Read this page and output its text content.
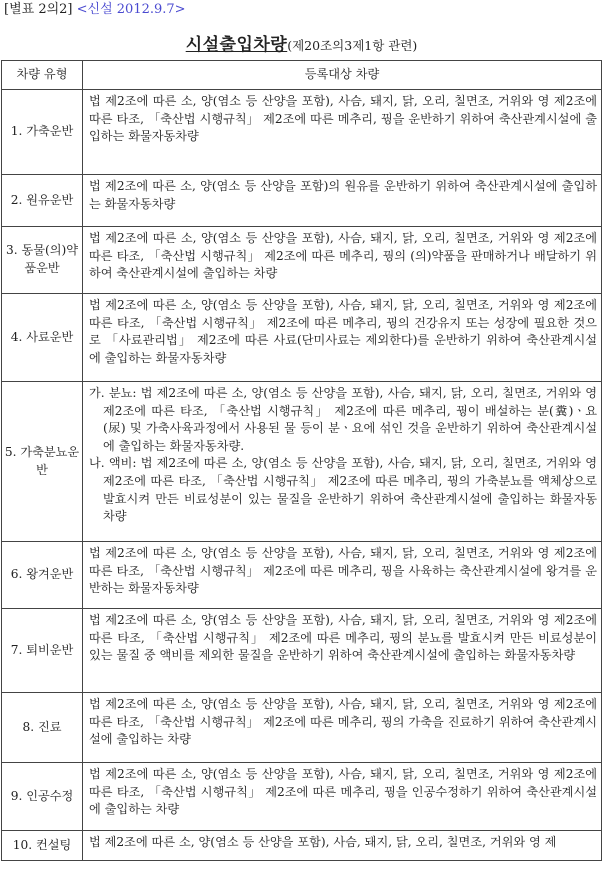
[별표 2의2] <신설 2012.9.7>
시설출입차량(제20조의3제1항 관련)
차량 유형	등록대상 차량
1. 가축운반	법 제2조에 따른 소, 양(염소 등 산양을 포함), 사슴, 돼지, 닭, 오리, 칠면조, 거위와 영 제2조에 따른 타조, 「축산법 시행규칙」 제2조에 따른 메추리, 꿩을 운반하기 위하여 축산관계시설에 출입하는 화물자동차량
2. 원유운반	법 제2조에 따른 소, 양(염소 등 산양을 포함)의 원유를 운반하기 위하여 축산관계시설에 출입하는 화물자동차량
3. 동물(의)약품운반	법 제2조에 따른 소, 양(염소 등 산양을 포함), 사슴, 돼지, 닭, 오리, 칠면조, 거위와 영 제2조에 따른 타조, 「축산법 시행규칙」 제2조에 따른 메추리, 꿩의 (의)약품을 판매하거나 배달하기 위하여 축산관계시설에 출입하는 차량
4. 사료운반	법 제2조에 따른 소, 양(염소 등 산양을 포함), 사슴, 돼지, 닭, 오리, 칠면조, 거위와 영 제2조에 따른 타조, 「축산법 시행규칙」 제2조에 따른 메추리, 꿩의 건강유지 또는 성장에 필요한 것으로 「사료관리법」 제2조에 따른 사료(단미사료는 제외한다)를 운반하기 위하여 축산관계시설에 출입하는 화물자동차량
5. 가축분뇨운반	가. 분뇨: 법 제2조에 따른 소, 양(염소 등 산양을 포함), 사슴, 돼지, 닭, 오리, 칠면조, 거위와 영 제2조에 따른 타조, 「축산법 시행규칙」 제2조에 따른 메추리, 꿩이 배설하는 분(糞)ㆍ요(尿) 및 가축사육과정에서 사용된 물 등이 분ㆍ요에 섞인 것을 운반하기 위하여 축산관계시설에 출입하는 화물자동차량.
나. 액비: 법 제2조에 따른 소, 양(염소 등 산양을 포함), 사슴, 돼지, 닭, 오리, 칠면조, 거위와 영 제2조에 따른 타조, 「축산법 시행규칙」 제2조에 따른 메추리, 꿩의 가축분뇨를 액체상으로 발효시켜 만든 비료성분이 있는 물질을 운반하기 위하여 축산관계시설에 출입하는 화물자동차량

6. 왕겨운반	법 제2조에 따른 소, 양(염소 등 산양을 포함), 사슴, 돼지, 닭, 오리, 칠면조, 거위와 영 제2조에 따른 타조, 「축산법 시행규칙」 제2조에 따른 메추리, 꿩을 사육하는 축산관계시설에 왕겨를 운반하는 화물자동차량
7. 퇴비운반	법 제2조에 따른 소, 양(염소 등 산양을 포함), 사슴, 돼지, 닭, 오리, 칠면조, 거위와 영 제2조에 따른 타조, 「축산법 시행규칙」 제2조에 따른 메추리, 꿩의 분뇨를 발효시켜 만든 비료성분이 있는 물질 중 액비를 제외한 물질을 운반하기 위하여 축산관계시설에 출입하는 화물자동차량
8. 진료	법 제2조에 따른 소, 양(염소 등 산양을 포함), 사슴, 돼지, 닭, 오리, 칠면조, 거위와 영 제2조에 따른 타조, 「축산법 시행규칙」 제2조에 따른 메추리, 꿩의 가축을 진료하기 위하여 축산관계시설에 출입하는 차량
9. 인공수정	법 제2조에 따른 소, 양(염소 등 산양을 포함), 사슴, 돼지, 닭, 오리, 칠면조, 거위와 영 제2조에 따른 타조, 「축산법 시행규칙」 제2조에 따른 메추리, 꿩을 인공수정하기 위하여 축산관계시설에 출입하는 차량
10. 컨설팅	법 제2조에 따른 소, 양(염소 등 산양을 포함), 사슴, 돼지, 닭, 오리, 칠면조, 거위와 영 제
